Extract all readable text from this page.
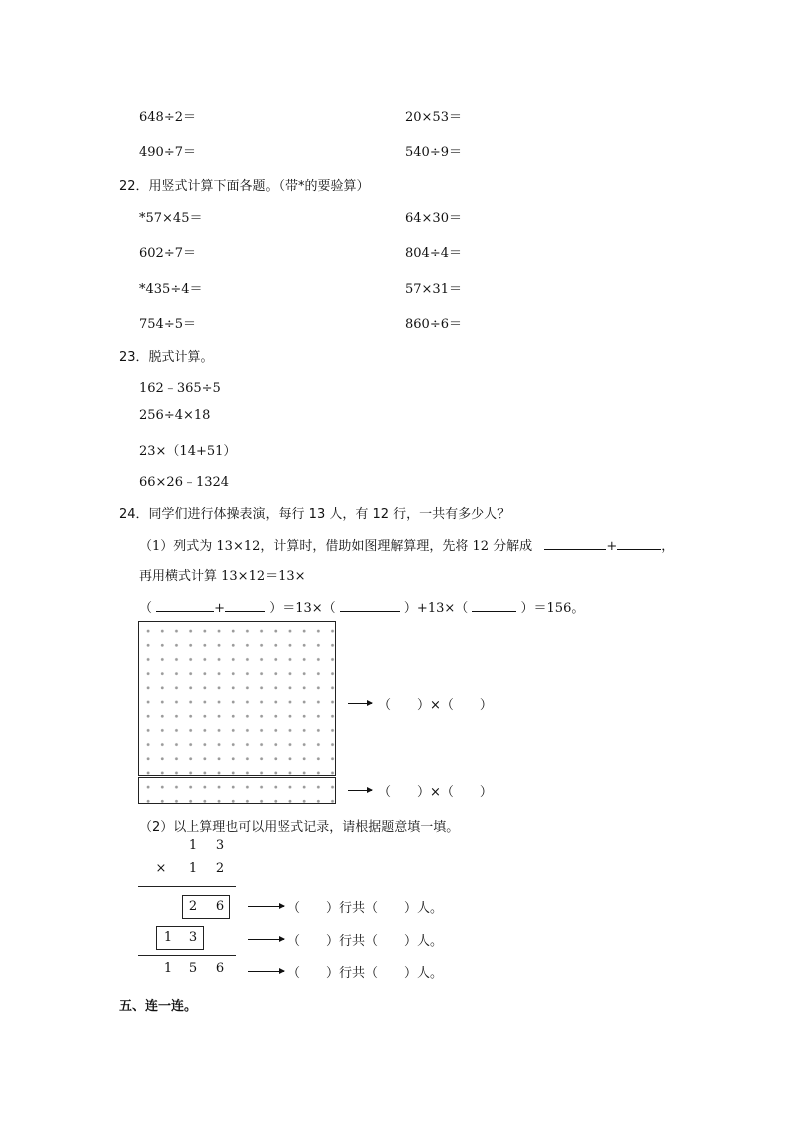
648÷2＝	20×53＝
490÷7＝	540÷9＝
22．用竖式计算下面各题。（带*的要验算）
*57×45＝	64×30＝
602÷7＝	804÷4＝
*435÷4＝	57×31＝
754÷5＝	860÷6＝
23．脱式计算。
162﹣365÷5
256÷4×18
23×（14+51）
66×26﹣1324
24．同学们进行体操表演，每行 13 人，有 12 行，一共有多少人？
（1）列式为 13×12，计算时，借助如图理解算理，先将 12 分解成	+	，
再用横式计算 13×12＝13×
（	+	）＝13×（	）+13×（	）＝156。
（　　）×（　　）
（　　）×（　　）
（2）以上算理也可以用竖式记录，请根据题意填一填。
1 3
× 1 2
2 6
1 3
1 5 6
（　　）行共（　　）人。
（　　）行共（　　）人。
（　　）行共（　　）人。
五、连一连。
